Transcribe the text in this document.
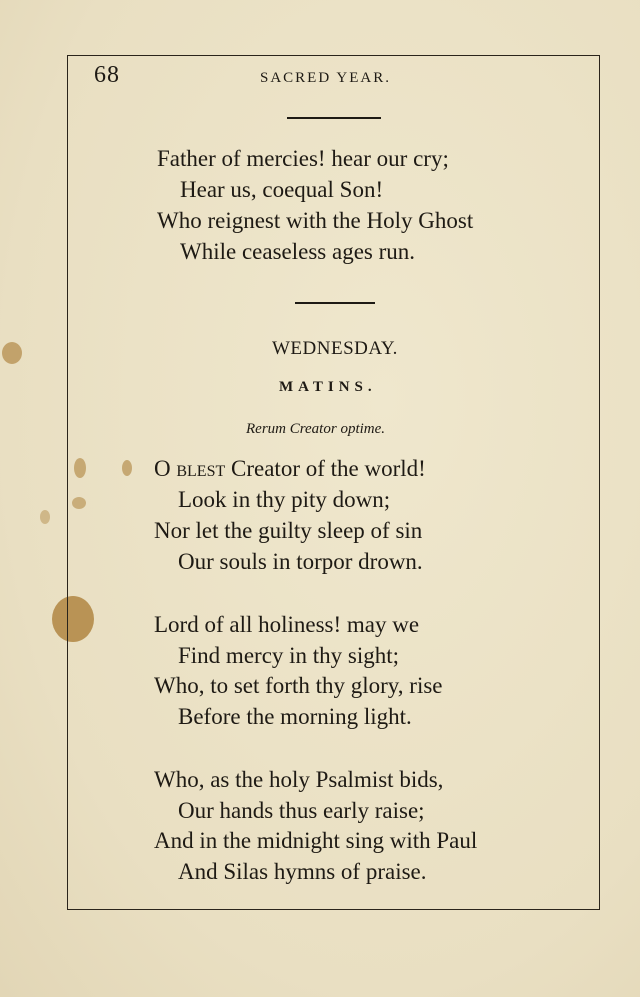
68	SACRED YEAR.
Father of mercies! hear our cry;
Hear us, coequal Son!
Who reignest with the Holy Ghost
While ceaseless ages run.
WEDNESDAY.
MATINS.
Rerum Creator optime.
O blest Creator of the world!
Look in thy pity down;
Nor let the guilty sleep of sin
Our souls in torpor drown.
Lord of all holiness! may we
Find mercy in thy sight;
Who, to set forth thy glory, rise
Before the morning light.
Who, as the holy Psalmist bids,
Our hands thus early raise;
And in the midnight sing with Paul
And Silas hymns of praise.
